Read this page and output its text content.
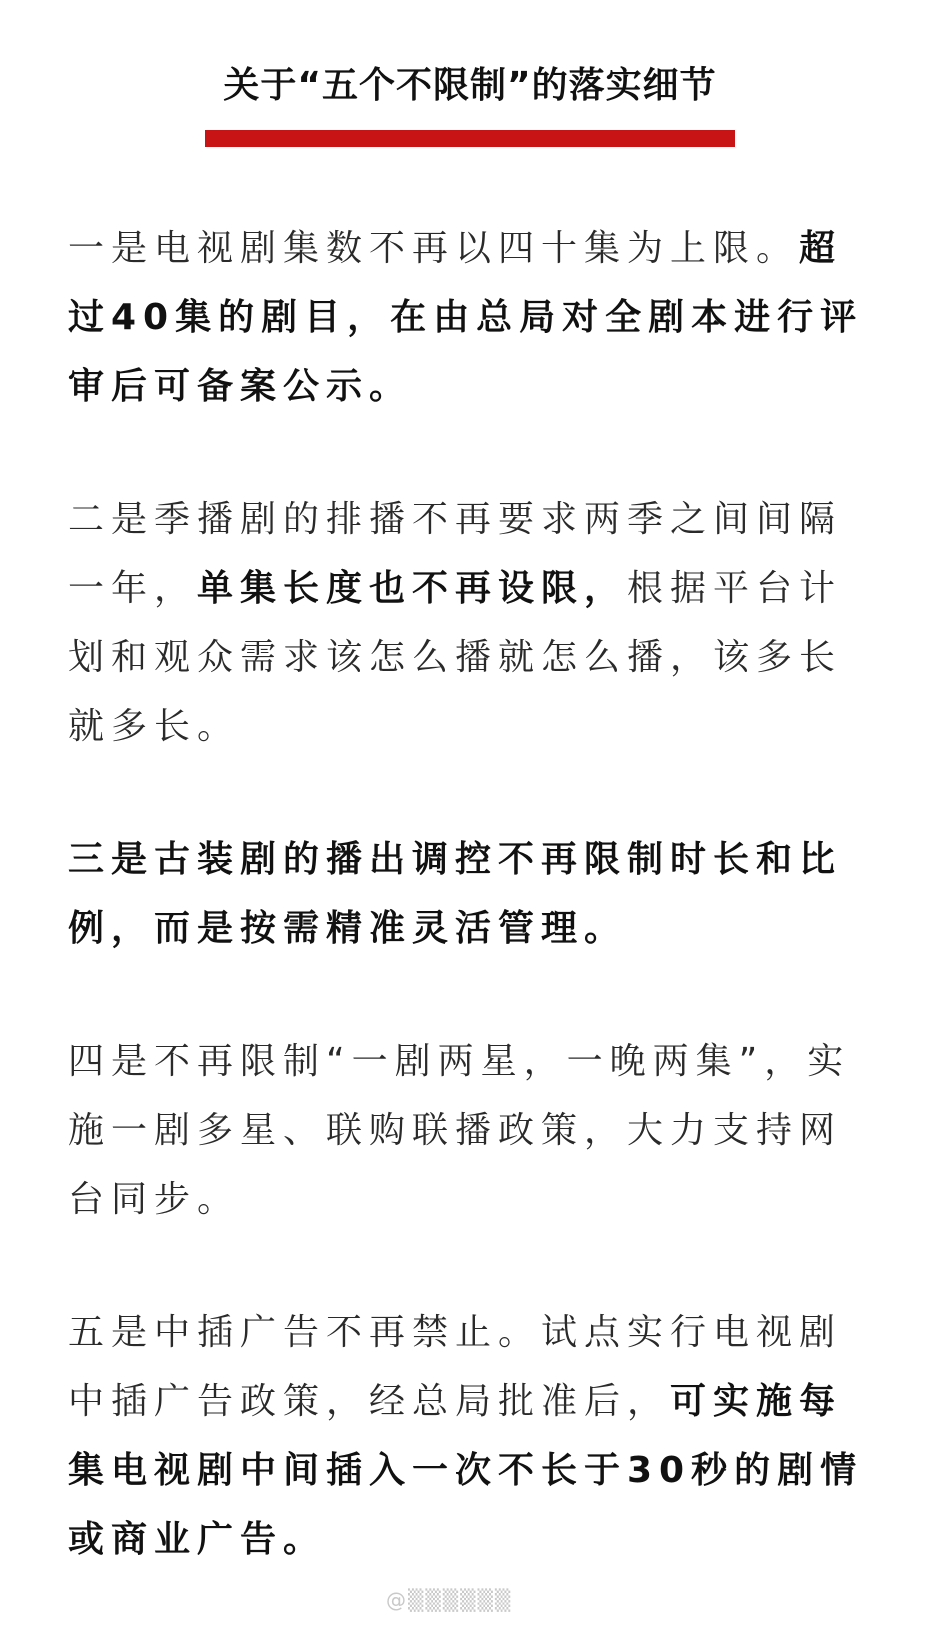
关于“五个不限制”的落实细节

一是电视剧集数不再以四十集为上限。超过40集的剧目，在由总局对全剧本进行评审后可备案公示。

二是季播剧的排播不再要求两季之间间隔一年，单集长度也不再设限，根据平台计划和观众需求该怎么播就怎么播，该多长就多长。

三是古装剧的播出调控不再限制时长和比例，而是按需精准灵活管理。

四是不再限制“一剧两星，一晚两集”，实施一剧多星、联购联播政策，大力支持网台同步。

五是中插广告不再禁止。试点实行电视剧中插广告政策，经总局批准后，可实施每集电视剧中间插入一次不长于30秒的剧情或商业广告。

@▒▒▒▒▒▒
